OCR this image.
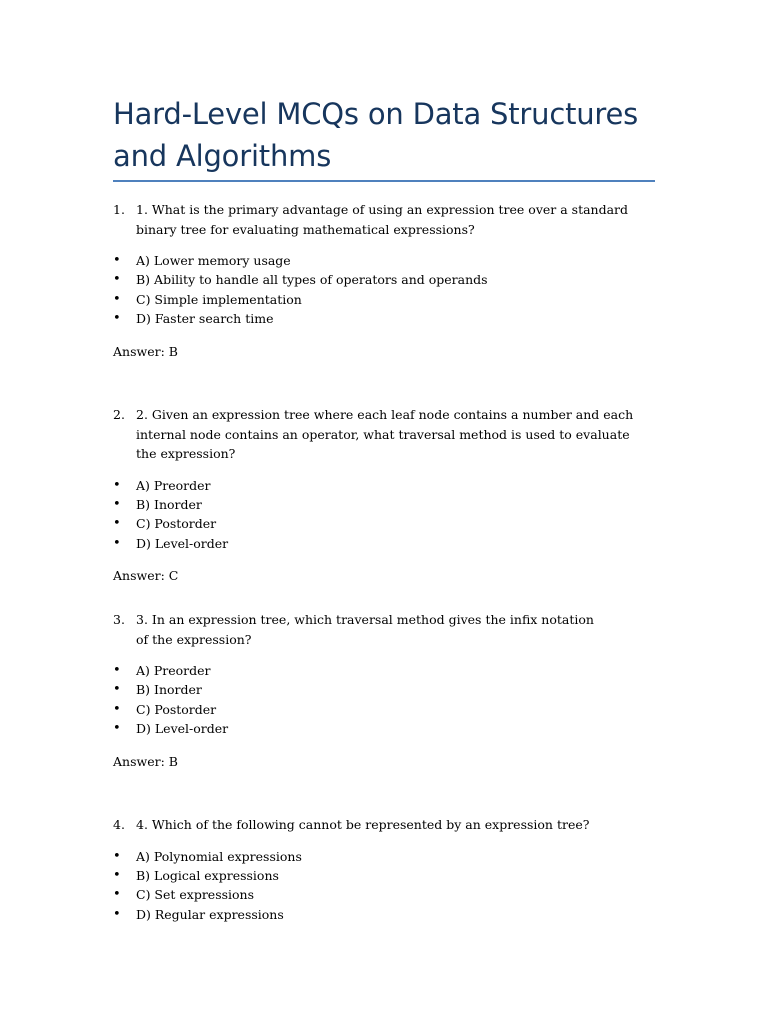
Hard-Level MCQs on Data Structures and Algorithms

1. 1. What is the primary advantage of using an expression tree over a standard binary tree for evaluating mathematical expressions?

• A) Lower memory usage
• B) Ability to handle all types of operators and operands
• C) Simple implementation
• D) Faster search time

Answer: B

2. 2. Given an expression tree where each leaf node contains a number and each internal node contains an operator, what traversal method is used to evaluate the expression?

• A) Preorder
• B) Inorder
• C) Postorder
• D) Level-order

Answer: C

3. 3. In an expression tree, which traversal method gives the infix notation of the expression?

• A) Preorder
• B) Inorder
• C) Postorder
• D) Level-order

Answer: B

4. 4. Which of the following cannot be represented by an expression tree?

• A) Polynomial expressions
• B) Logical expressions
• C) Set expressions
• D) Regular expressions
